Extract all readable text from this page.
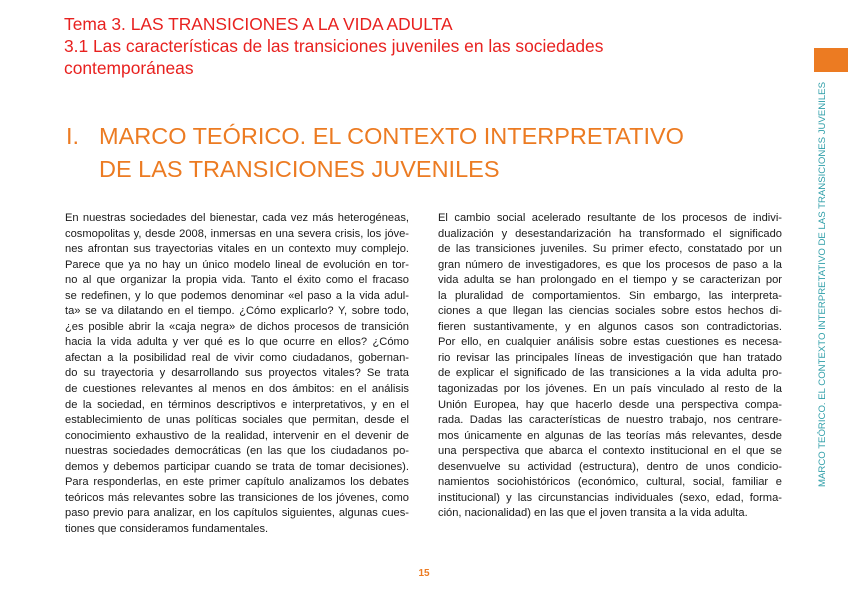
Tema 3. LAS TRANSICIONES A LA VIDA ADULTA
3.1 Las características de las transiciones juveniles en las sociedades
contemporáneas
MARCO TEÓRICO. EL CONTEXTO INTERPRETATIVO DE LAS TRANSICIONES JUVENILES
I. MARCO TEÓRICO. EL CONTEXTO INTERPRETATIVO
DE LAS TRANSICIONES JUVENILES
En nuestras sociedades del bienestar, cada vez más heterogéneas,
cosmopolitas y, desde 2008, inmersas en una severa crisis, los jóve-
nes afrontan sus trayectorias vitales en un contexto muy complejo.
Parece que ya no hay un único modelo lineal de evolución en tor-
no al que organizar la propia vida. Tanto el éxito como el fracaso
se redefinen, y lo que podemos denominar «el paso a la vida adul-
ta» se va dilatando en el tiempo. ¿Cómo explicarlo? Y, sobre todo,
¿es posible abrir la «caja negra» de dichos procesos de transición
hacia la vida adulta y ver qué es lo que ocurre en ellos? ¿Cómo
afectan a la posibilidad real de vivir como ciudadanos, gobernan-
do su trayectoria y desarrollando sus proyectos vitales? Se trata
de cuestiones relevantes al menos en dos ámbitos: en el análisis
de la sociedad, en términos descriptivos e interpretativos, y en el
establecimiento de unas políticas sociales que permitan, desde el
conocimiento exhaustivo de la realidad, intervenir en el devenir de
nuestras sociedades democráticas (en las que los ciudadanos po-
demos y debemos participar cuando se trata de tomar decisiones).
Para responderlas, en este primer capítulo analizamos los debates
teóricos más relevantes sobre las transiciones de los jóvenes, como
paso previo para analizar, en los capítulos siguientes, algunas cues-
tiones que consideramos fundamentales.
El cambio social acelerado resultante de los procesos de indivi-
dualización y desestandarización ha transformado el significado
de las transiciones juveniles. Su primer efecto, constatado por un
gran número de investigadores, es que los procesos de paso a la
vida adulta se han prolongado en el tiempo y se caracterizan por
la pluralidad de comportamientos. Sin embargo, las interpreta-
ciones a que llegan las ciencias sociales sobre estos hechos di-
fieren sustantivamente, y en algunos casos son contradictorias.
Por ello, en cualquier análisis sobre estas cuestiones es necesa-
rio revisar las principales líneas de investigación que han tratado
de explicar el significado de las transiciones a la vida adulta pro-
tagonizadas por los jóvenes. En un país vinculado al resto de la
Unión Europea, hay que hacerlo desde una perspectiva compa-
rada. Dadas las características de nuestro trabajo, nos centrare-
mos únicamente en algunas de las teorías más relevantes, desde
una perspectiva que abarca el contexto institucional en el que se
desenvuelve su actividad (estructura), dentro de unos condicio-
namientos sociohistóricos (económico, cultural, social, familiar e
institucional) y las circunstancias individuales (sexo, edad, forma-
ción, nacionalidad) en las que el joven transita a la vida adulta.
15
